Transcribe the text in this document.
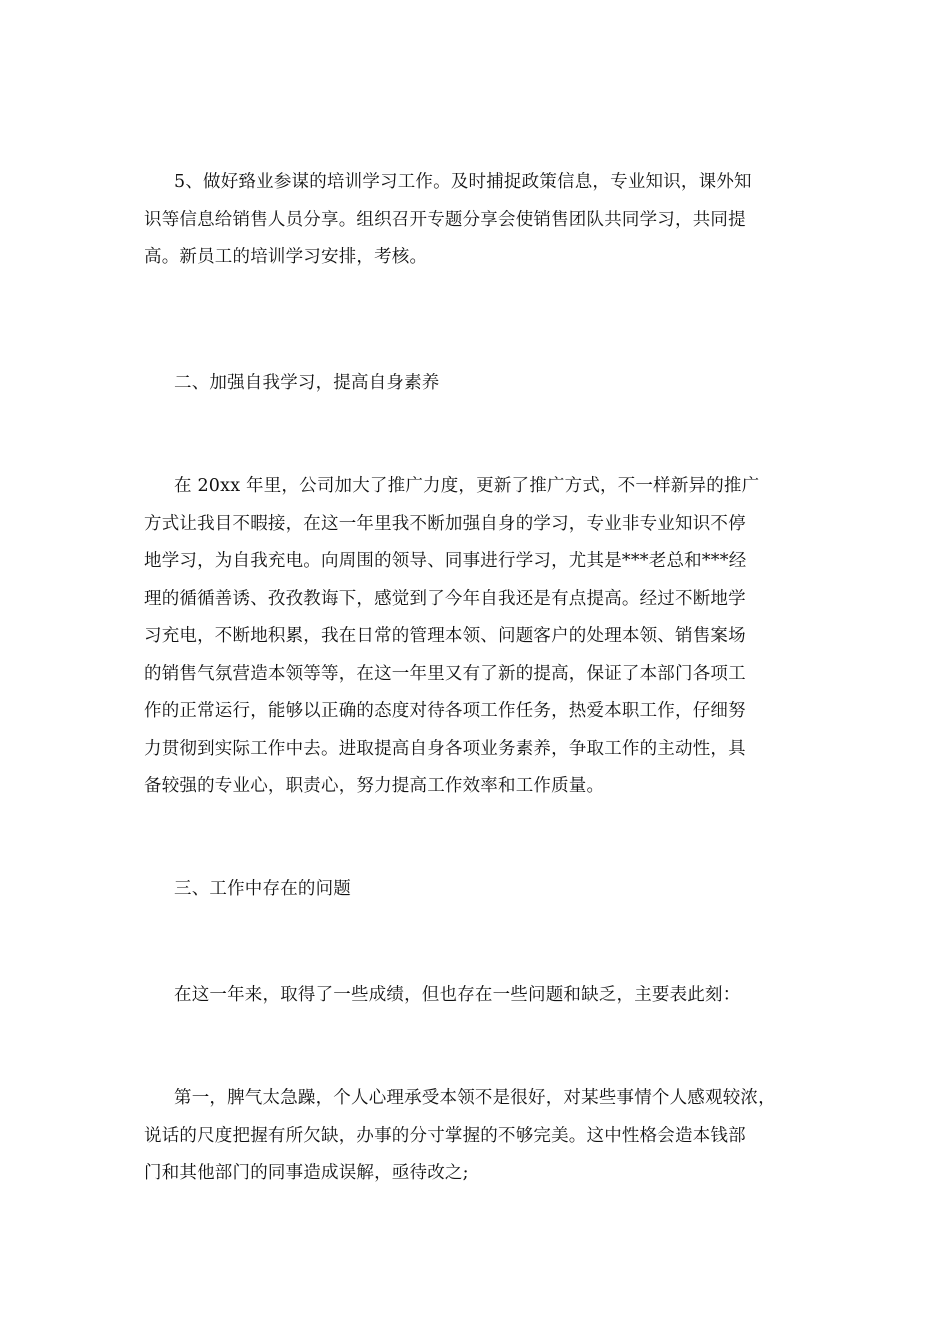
5、做好臵业参谋的培训学习工作。及时捕捉政策信息，专业知识，课外知
识等信息给销售人员分享。组织召开专题分享会使销售团队共同学习，共同提
高。新员工的培训学习安排，考核。
二、加强自我学习，提高自身素养
在 20xx 年里，公司加大了推广力度，更新了推广方式，不一样新异的推广
方式让我目不暇接，在这一年里我不断加强自身的学习，专业非专业知识不停
地学习，为自我充电。向周围的领导、同事进行学习，尤其是***老总和***经
理的循循善诱、孜孜教诲下，感觉到了今年自我还是有点提高。经过不断地学
习充电，不断地积累，我在日常的管理本领、问题客户的处理本领、销售案场
的销售气氛营造本领等等，在这一年里又有了新的提高，保证了本部门各项工
作的正常运行，能够以正确的态度对待各项工作任务，热爱本职工作，仔细努
力贯彻到实际工作中去。进取提高自身各项业务素养，争取工作的主动性，具
备较强的专业心，职责心，努力提高工作效率和工作质量。
三、工作中存在的问题
在这一年来，取得了一些成绩，但也存在一些问题和缺乏，主要表此刻：
第一，脾气太急躁，个人心理承受本领不是很好，对某些事情个人感观较浓，
说话的尺度把握有所欠缺，办事的分寸掌握的不够完美。这中性格会造本钱部
门和其他部门的同事造成误解，亟待改之;
